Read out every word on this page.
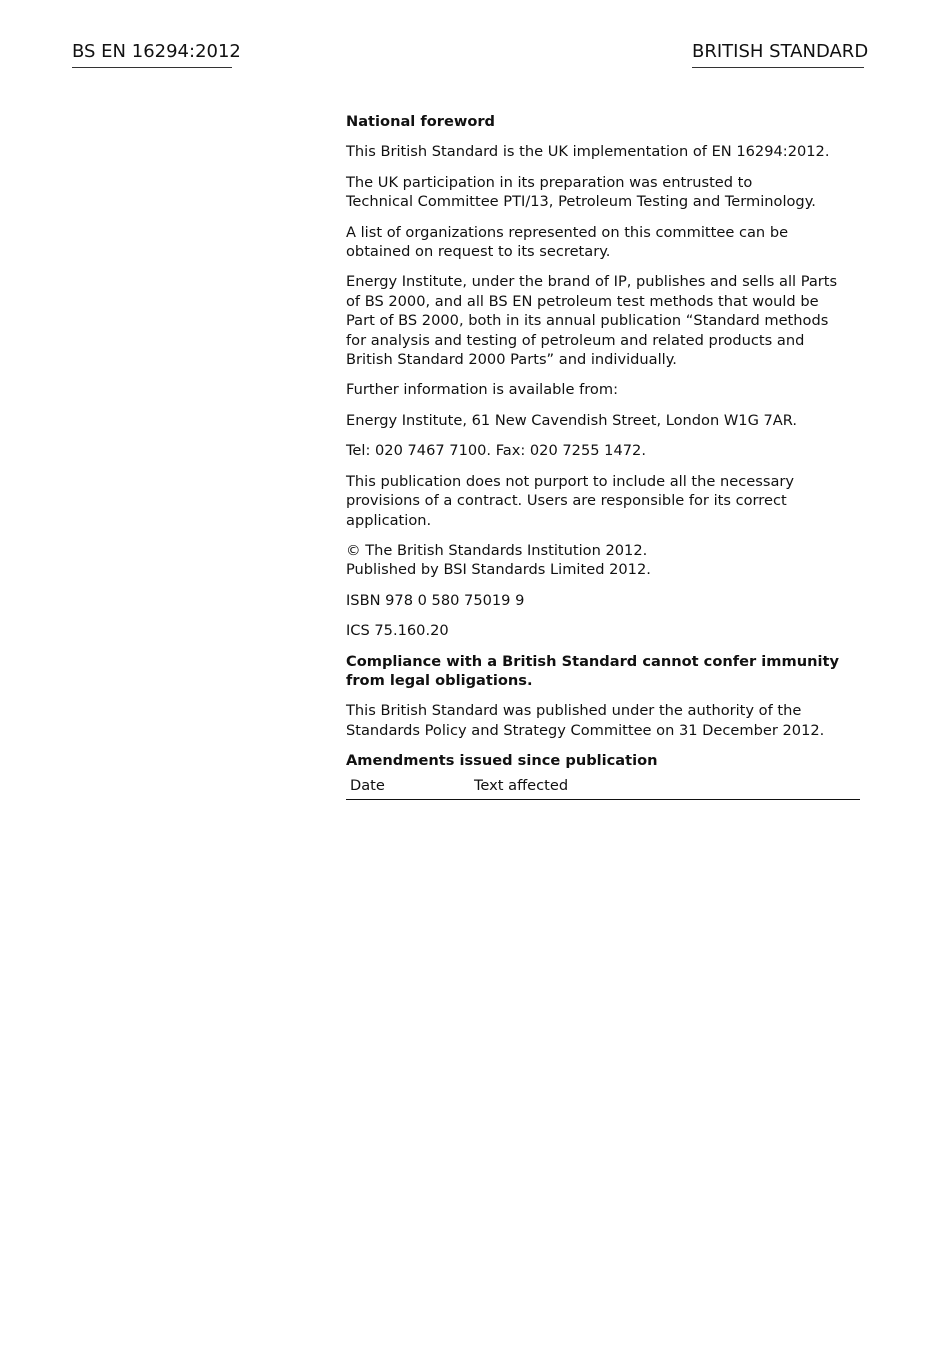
BS EN 16294:2012	BRITISH STANDARD
National foreword

This British Standard is the UK implementation of EN 16294:2012.

The UK participation in its preparation was entrusted to
Technical Committee PTI/13, Petroleum Testing and Terminology.

A list of organizations represented on this committee can be
obtained on request to its secretary.

Energy Institute, under the brand of IP, publishes and sells all Parts
of BS 2000, and all BS EN petroleum test methods that would be
Part of BS 2000, both in its annual publication “Standard methods
for analysis and testing of petroleum and related products and
British Standard 2000 Parts” and individually.

Further information is available from:

Energy Institute, 61 New Cavendish Street, London W1G 7AR.

Tel: 020 7467 7100. Fax: 020 7255 1472.

This publication does not purport to include all the necessary
provisions of a contract. Users are responsible for its correct
application.

© The British Standards Institution 2012.
Published by BSI Standards Limited 2012.

ISBN 978 0 580 75019 9

ICS 75.160.20

Compliance with a British Standard cannot confer immunity
from legal obligations.

This British Standard was published under the authority of the
Standards Policy and Strategy Committee on 31 December 2012.

Amendments issued since publication
Date	Text affected
